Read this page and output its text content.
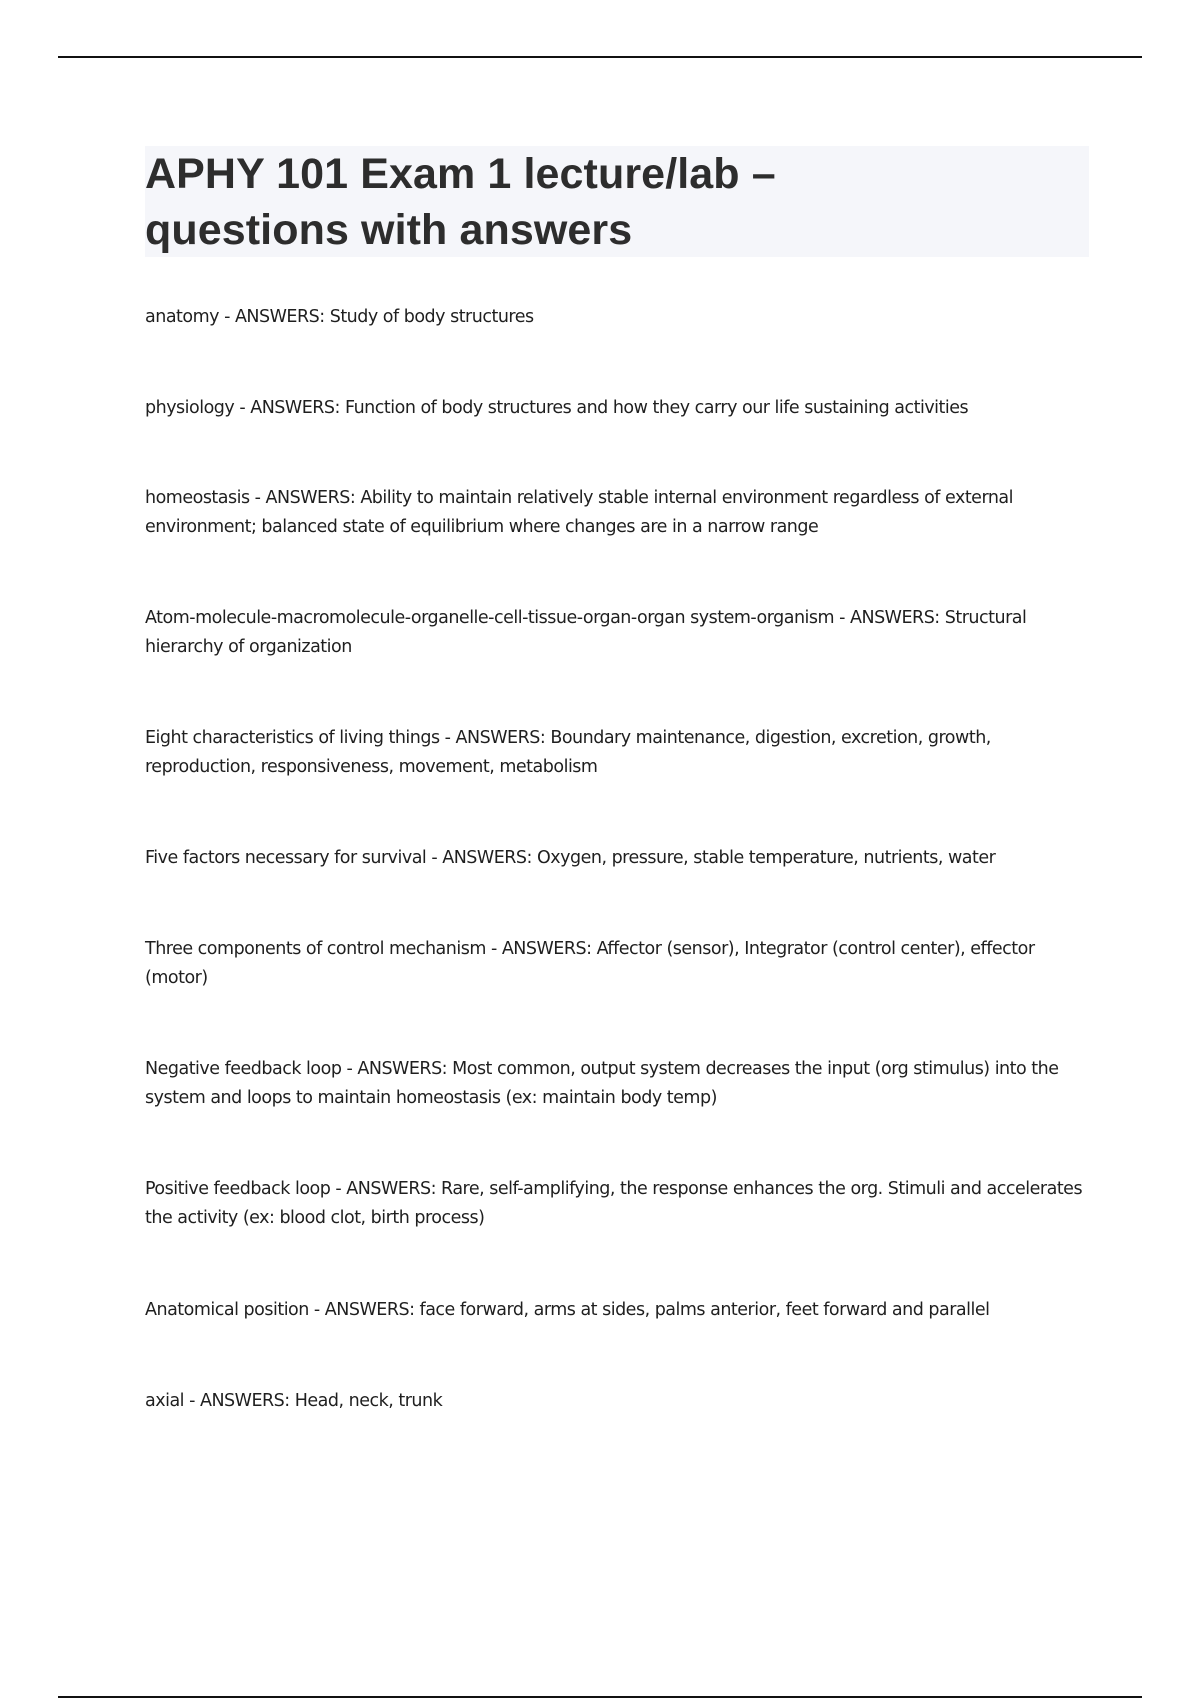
APHY 101 Exam 1 lecture/lab –
questions with answers
anatomy - ANSWERS: Study of body structures
physiology - ANSWERS: Function of body structures and how they carry our life sustaining activities
homeostasis - ANSWERS: Ability to maintain relatively stable internal environment regardless of external environment; balanced state of equilibrium where changes are in a narrow range
Atom-molecule-macromolecule-organelle-cell-tissue-organ-organ system-organism - ANSWERS: Structural hierarchy of organization
Eight characteristics of living things - ANSWERS: Boundary maintenance, digestion, excretion, growth, reproduction, responsiveness, movement, metabolism
Five factors necessary for survival - ANSWERS: Oxygen, pressure, stable temperature, nutrients, water
Three components of control mechanism - ANSWERS: Affector (sensor), Integrator (control center), effector (motor)
Negative feedback loop - ANSWERS: Most common, output system decreases the input (org stimulus) into the system and loops to maintain homeostasis (ex: maintain body temp)
Positive feedback loop - ANSWERS: Rare, self-amplifying, the response enhances the org. Stimuli and accelerates the activity (ex: blood clot, birth process)
Anatomical position - ANSWERS: face forward, arms at sides, palms anterior, feet forward and parallel
axial - ANSWERS: Head, neck, trunk
